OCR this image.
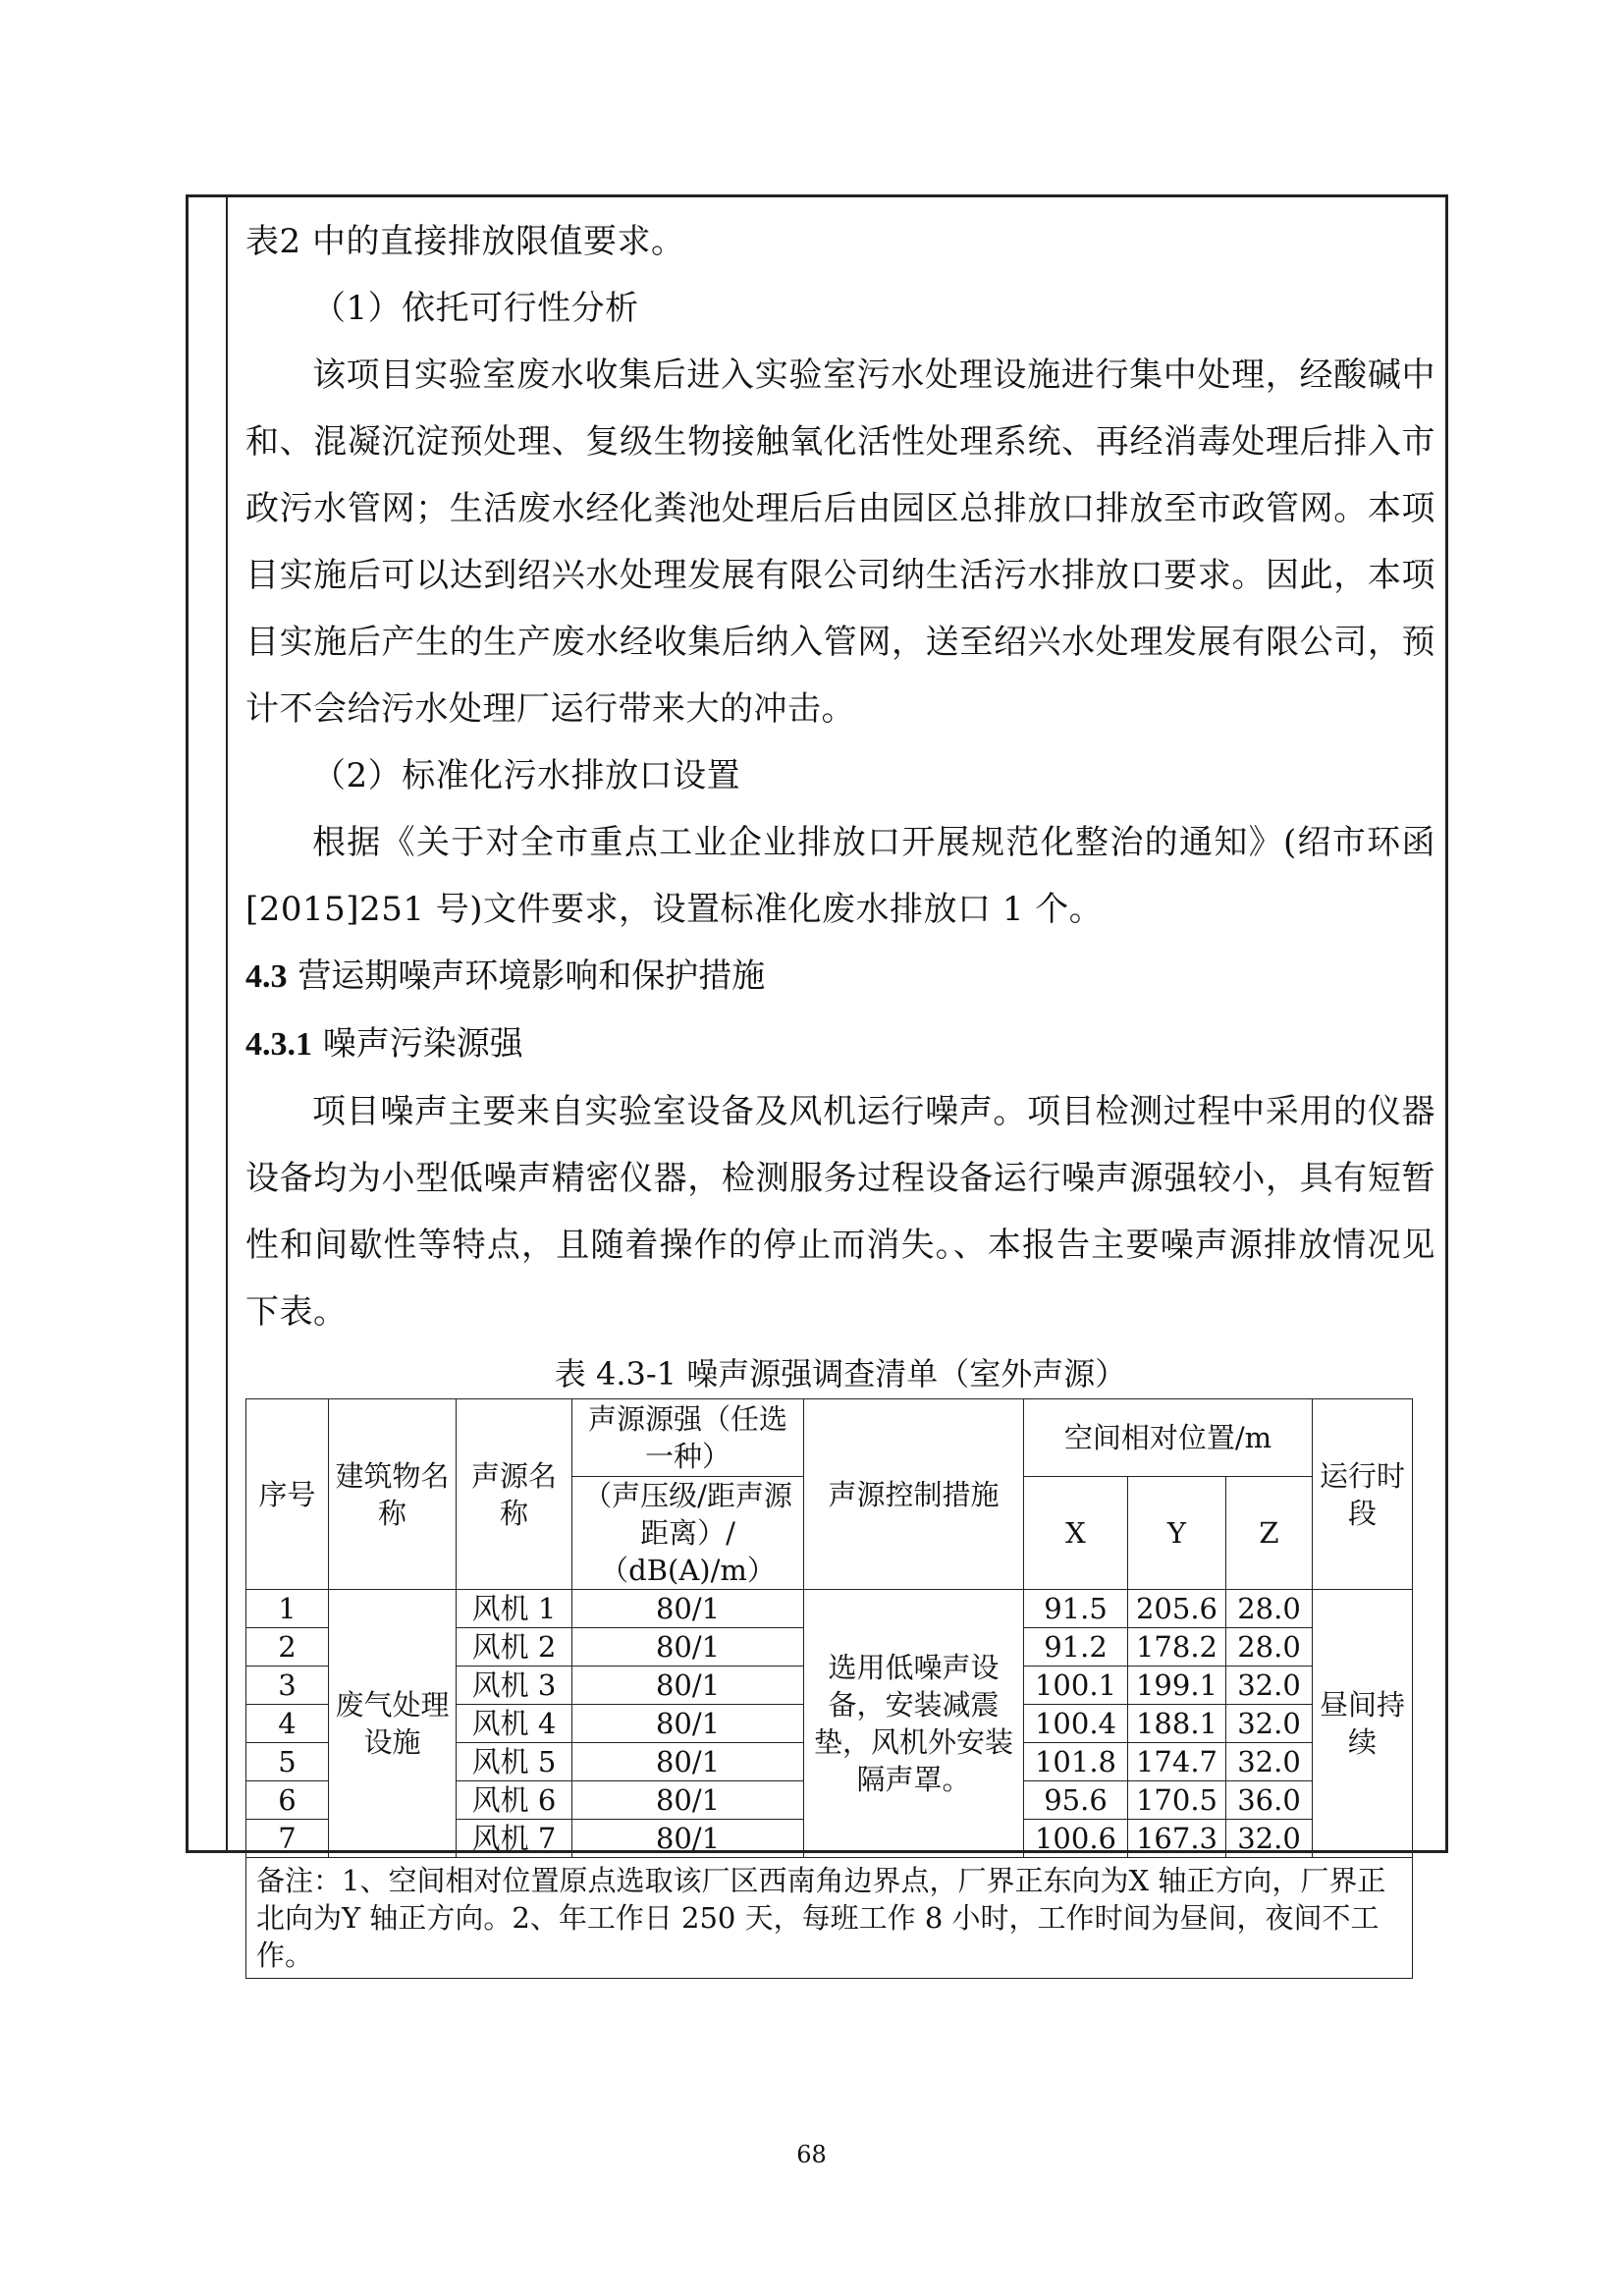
表2 中的直接排放限值要求。

（1）依托可行性分析

该项目实验室废水收集后进入实验室污水处理设施进行集中处理，经酸碱中和、混凝沉淀预处理、复级生物接触氧化活性处理系统、再经消毒处理后排入市政污水管网；生活废水经化粪池处理后后由园区总排放口排放至市政管网。本项目实施后可以达到绍兴水处理发展有限公司纳生活污水排放口要求。因此，本项目实施后产生的生产废水经收集后纳入管网，送至绍兴水处理发展有限公司，预计不会给污水处理厂运行带来大的冲击。

（2）标准化污水排放口设置

根据《关于对全市重点工业企业排放口开展规范化整治的通知》(绍市环函[2015]251 号)文件要求，设置标准化废水排放口 1 个。

4.3 营运期噪声环境影响和保护措施

4.3.1 噪声污染源强

项目噪声主要来自实验室设备及风机运行噪声。项目检测过程中采用的仪器设备均为小型低噪声精密仪器，检测服务过程设备运行噪声源强较小，具有短暂性和间歇性等特点，且随着操作的停止而消失。、本报告主要噪声源排放情况见下表。

表 4.3-1 噪声源强调查清单（室外声源）
序号	建筑物名称	声源名称	声源源强（任选一种）	声源控制措施	空间相对位置/m			运行时段
			（声压级/距声源距离）/（dB(A)/m）		X	Y	Z	
1	废气处理设施	风机 1	80/1	选用低噪声设备，安装减震垫，风机外安装隔声罩。	91.5	205.6	28.0	昼间持续
2		风机 2	80/1		91.2	178.2	28.0	
3		风机 3	80/1		100.1	199.1	32.0	
4		风机 4	80/1		100.4	188.1	32.0	
5		风机 5	80/1		101.8	174.7	32.0	
6		风机 6	80/1		95.6	170.5	36.0	
7		风机 7	80/1		100.6	167.3	32.0	
备注：1、空间相对位置原点选取该厂区西南角边界点，厂界正东向为X 轴正方向，厂界正北向为Y 轴正方向。2、年工作日 250 天，每班工作 8 小时，工作时间为昼间，夜间不工作。								
68
